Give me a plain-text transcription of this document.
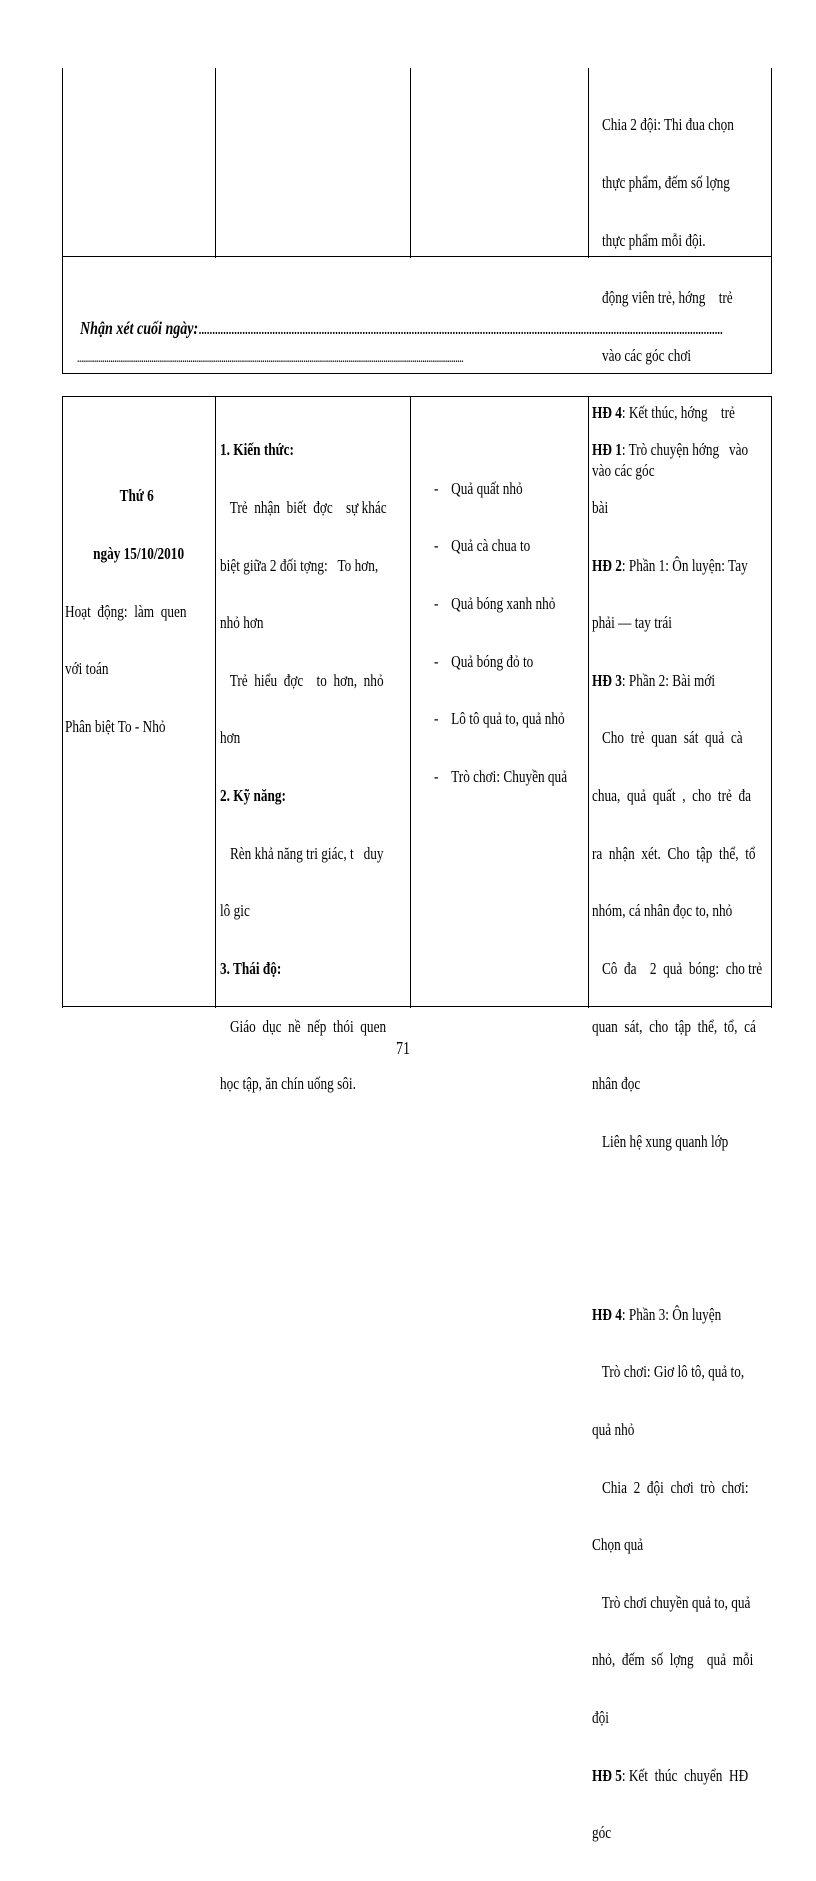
Chia 2 đội: Thi đua chọn

thực phẩm, đếm số lợng

thực phẩm mỗi đội.

động viên trẻ, hớng    trẻ

vào các góc chơi

HĐ 4: Kết thúc, hớng    trẻ

vào các góc

Nhận xét cuối ngày:................................................................................................................................................................................................

......................................................................................................................................................................................................

Thứ 6

ngày 15/10/2010

Hoạt  động:  làm  quen

với toán

Phân biệt To - Nhỏ

1. Kiến thức:

Trẻ  nhận  biết  đợc    sự khác

biệt giữa 2 đối tợng:   To hơn,

nhỏ hơn

Trẻ  hiểu  đợc    to  hơn,  nhỏ

hơn

2. Kỹ năng:

Rèn khả năng tri giác, t   duy

lô gic

3. Thái độ:

Giáo  dục  nề  nếp  thói  quen

học tập, ăn chín uống sôi.

- Quả quất nhỏ

- Quả cà chua to

- Quả bóng xanh nhỏ

- Quả bóng đỏ to

- Lô tô quả to, quả nhỏ

- Trò chơi: Chuyền quả

HĐ 1: Trò chuyện hớng   vào

bài

HĐ 2: Phần 1: Ôn luyện: Tay

phải — tay trái

HĐ 3: Phần 2: Bài mới

Cho  trẻ  quan  sát  quả  cà

chua,  quả  quất  ,  cho  trẻ  đa

ra  nhận  xét.  Cho  tập  thể,  tổ

nhóm, cá nhân đọc to, nhỏ

Cô  đa    2  quả  bóng:  cho trẻ

quan  sát,  cho  tập  thể,  tổ,  cá

nhân đọc

Liên hệ xung quanh lớp

HĐ 4: Phần 3: Ôn luyện

Trò chơi: Giơ lô tô, quả to,

quả nhỏ

Chia  2  đội  chơi  trò  chơi:

Chọn quả

Trò chơi chuyền quả to, quả

nhỏ,  đếm  số  lợng    quả  mỗi

đội

HĐ 5: Kết  thúc  chuyển  HĐ

góc

71
